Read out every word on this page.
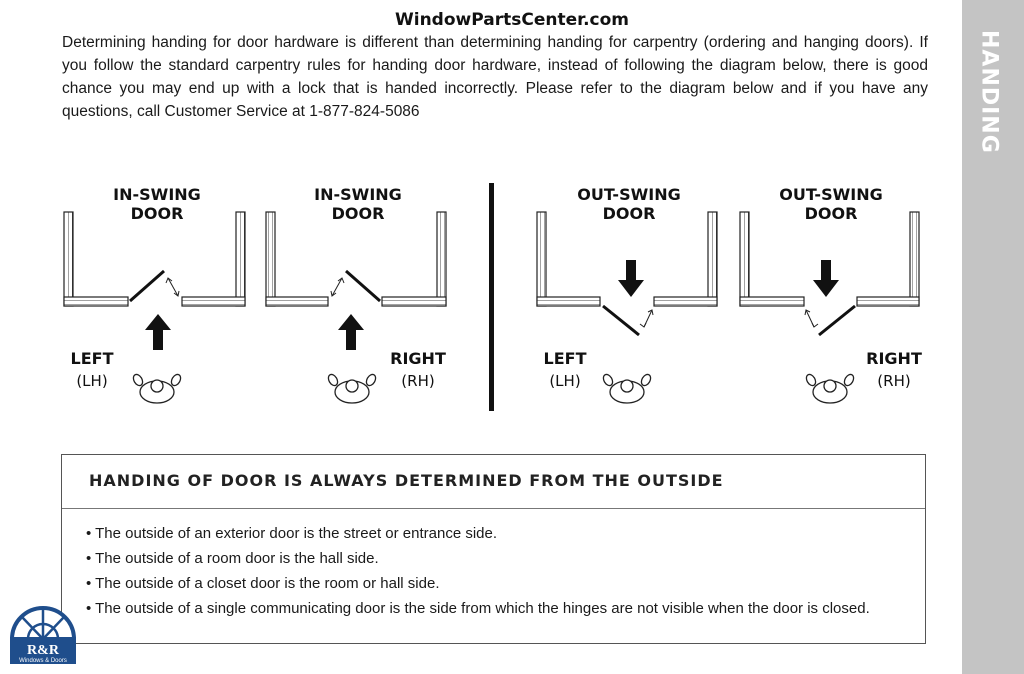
WindowPartsCenter.com
Determining handing for door hardware is different than determining handing for carpentry (ordering and hanging doors). If you follow the standard carpentry rules for handing door hardware, instead of following the diagram below, there is good chance you may end up with a lock that is handed incorrectly. Please refer to the diagram below and if you have any questions, call Customer Service at 1-877-824-5086	HANDING
IN-SWING
DOOR
LEFT
(LH)
IN-SWING
DOOR
RIGHT
(RH)
OUT-SWING
DOOR
LEFT
(LH)
OUT-SWING
DOOR
RIGHT
(RH)
HANDING OF DOOR IS ALWAYS DETERMINED FROM THE OUTSIDE
• The outside of an exterior door is the street or entrance side.
• The outside of a room door is the hall side.
• The outside of a closet door is the room or hall side.
• The outside of a single communicating door is the side from which the hinges are not visible when the door is closed.
R&R
Windows & Doors
